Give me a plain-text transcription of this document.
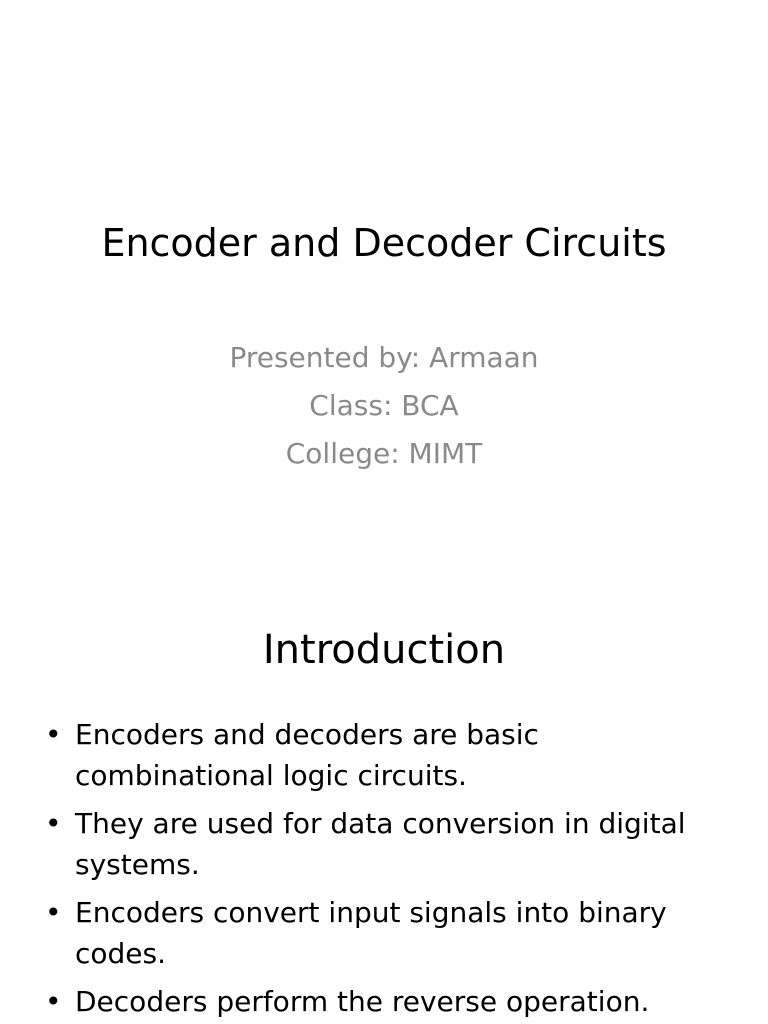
Encoder and Decoder Circuits
Presented by: Armaan
Class: BCA
College: MIMT
Introduction
• Encoders and decoders are basic combinational logic circuits.
• They are used for data conversion in digital systems.
• Encoders convert input signals into binary codes.
• Decoders perform the reverse operation.
